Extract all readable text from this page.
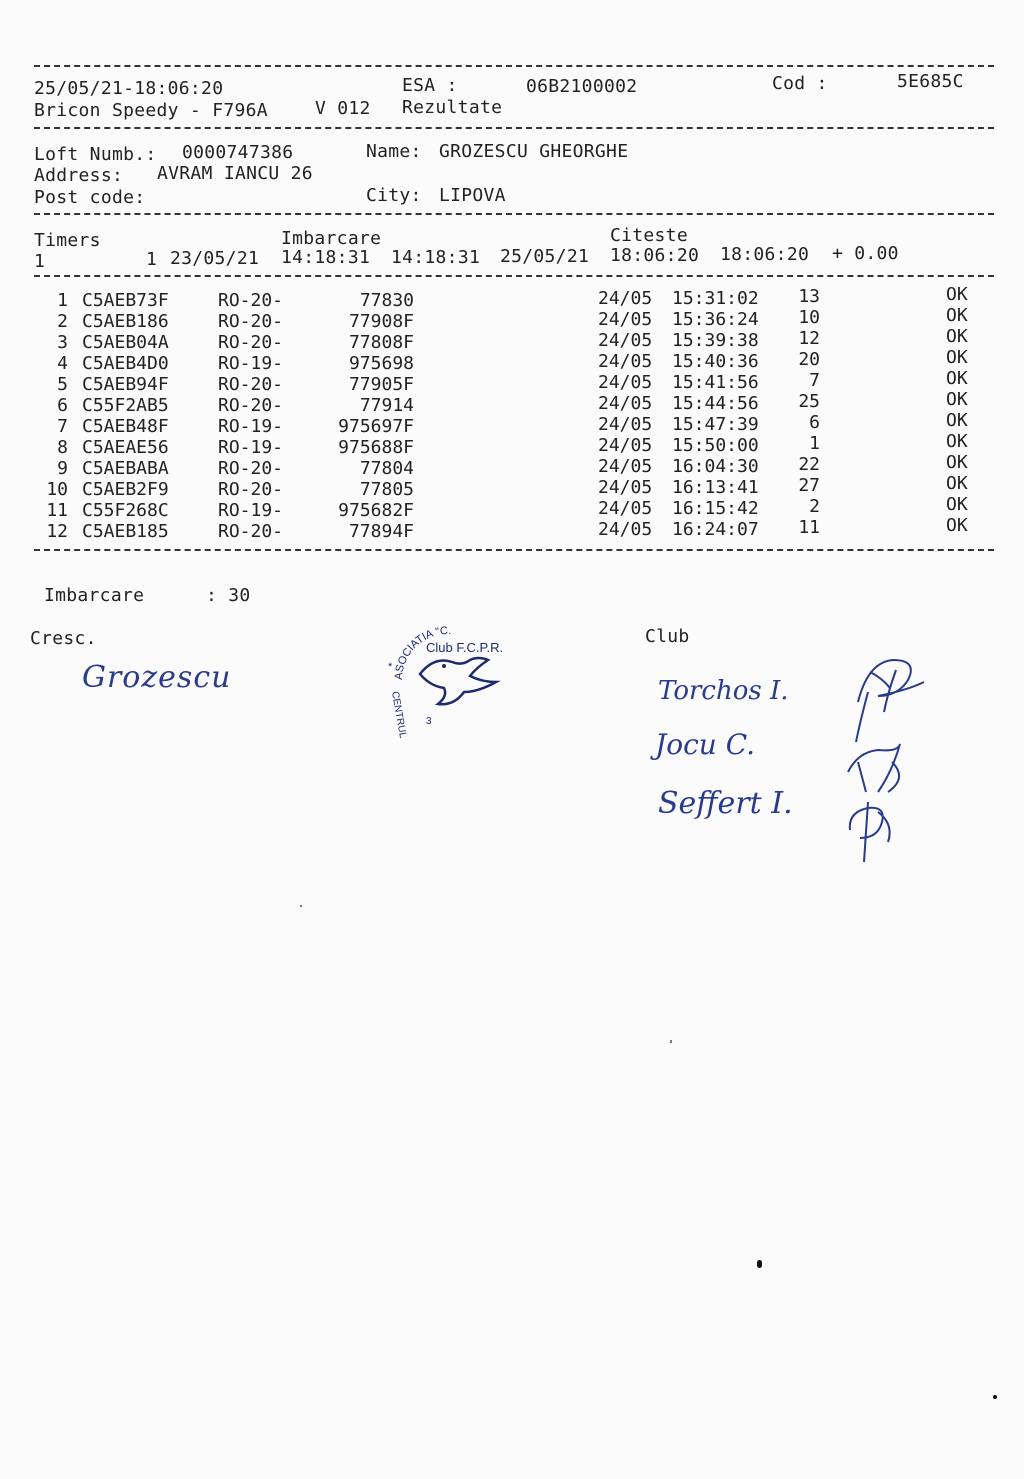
25/05/21-18:06:20	ESA :	06B2100002	Cod :	5E685C
Bricon Speedy - F796A	V 012 Rezultate
Loft Numb.: 0000747386	Name: GROZESCU GHEORGHE
Address: AVRAM IANCU 26
Post code:	City: LIPOVA
Timers	Imbarcare	Citeste
1	1 23/05/21 14:18:31 14:18:31 25/05/21 18:06:20 18:06:20 + 0.00
1 C5AEB73F	RO-20-	77830	24/05 15:31:02	13	OK
2 C5AEB186	RO-20-	77908F	24/05 15:36:24	10	OK
3 C5AEB04A	RO-20-	77808F	24/05 15:39:38	12	OK
4 C5AEB4D0	RO-19-	975698	24/05 15:40:36	20	OK
5 C5AEB94F	RO-20-	77905F	24/05 15:41:56	7	OK
6 C55F2AB5	RO-20-	77914	24/05 15:44:56	25	OK
7 C5AEB48F	RO-19-	975697F	24/05 15:47:39	6	OK
8 C5AEAE56	RO-19-	975688F	24/05 15:50:00	1	OK
9 C5AEBABA	RO-20-	77804	24/05 16:04:30	22	OK
10 C5AEB2F9	RO-20-	77805	24/05 16:13:41	27	OK
11 C55F268C	RO-19-	975682F	24/05 16:15:42	2	OK
12 C5AEB185	RO-20-	77894F	24/05 16:24:07	11	OK
Imbarcare	: 30
Cresc.	Club
Grozescu	ASOCIATIA "C.
Club F.C.P.R.
CENTRUL
*
3
Torchos I.
Jocu C.
Seffert I.
